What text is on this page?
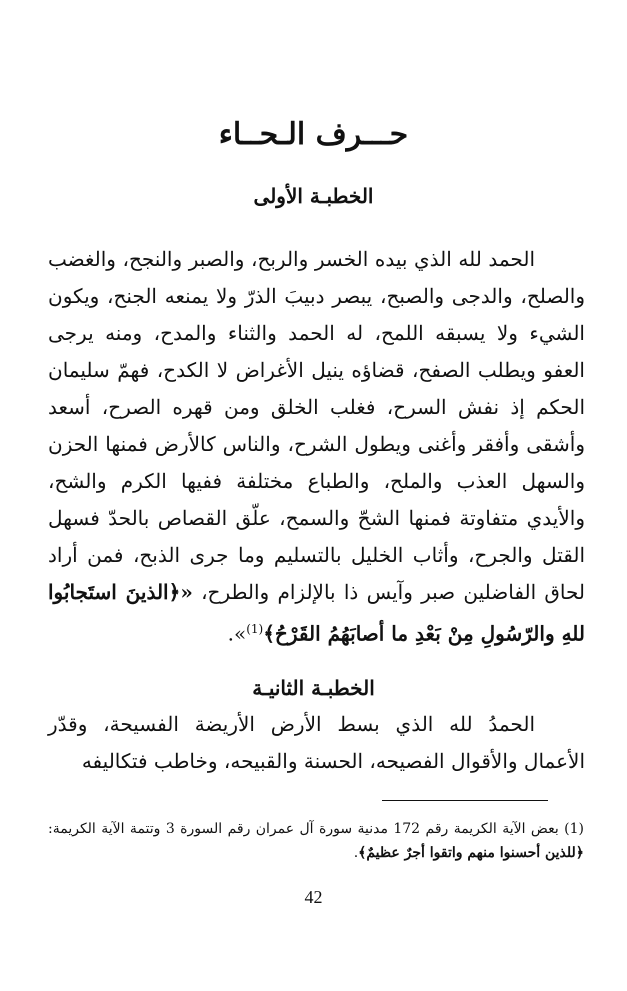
حـــرف الـحــاء
الخطبـة الأولى
الحمد لله الذي بيده الخسر والربح، والصبر والنجح، والغضب والصلح، والدجى والصبح، يبصر دبيبَ الذرّ ولا يمنعه الجنح، ويكون الشيء ولا يسبقه اللمح، له الحمد والثناء والمدح، ومنه يرجى العفو ويطلب الصفح، قضاؤه ينيل الأغراض لا الكدح، فهمّ سليمان الحكم إذ نفش السرح، فغلب الخلق ومن قهره الصرح، أسعد وأشقى وأفقر وأغنى ويطول الشرح، والناس كالأرض فمنها الحزن والسهل العذب والملح، والطباع مختلفة ففيها الكرم والشح، والأيدي متفاوتة فمنها الشحّ والسمح، علّق القصاص بالحدّ فسهل القتل والجرح، وأثاب الخليل بالتسليم وما جرى الذبح، فمن أراد لحاق الفاضلين صبر وآيس ذا بالإلزام والطرح، «﴿الذينَ استَجابُوا للهِ والرّسُولِ مِنْ بَعْدِ ما أصابَهُمُ القَرْحُ﴾$^{(1)}$».
الخطبـة الثانيـة
الحمدُ لله الذي بسط الأرض الأريضة الفسيحة، وقدّر الأعمال والأقوال الفصيحه، الحسنة والقبيحه، وخاطب فتكاليفه
(1) بعض الآية الكريمة رقم 172 مدنية سورة آل عمران رقم السورة 3 وتتمة الآية الكريمة: ﴿للذين أحسنوا منهم واتقوا أجرٌ عظيمٌ﴾.
42
